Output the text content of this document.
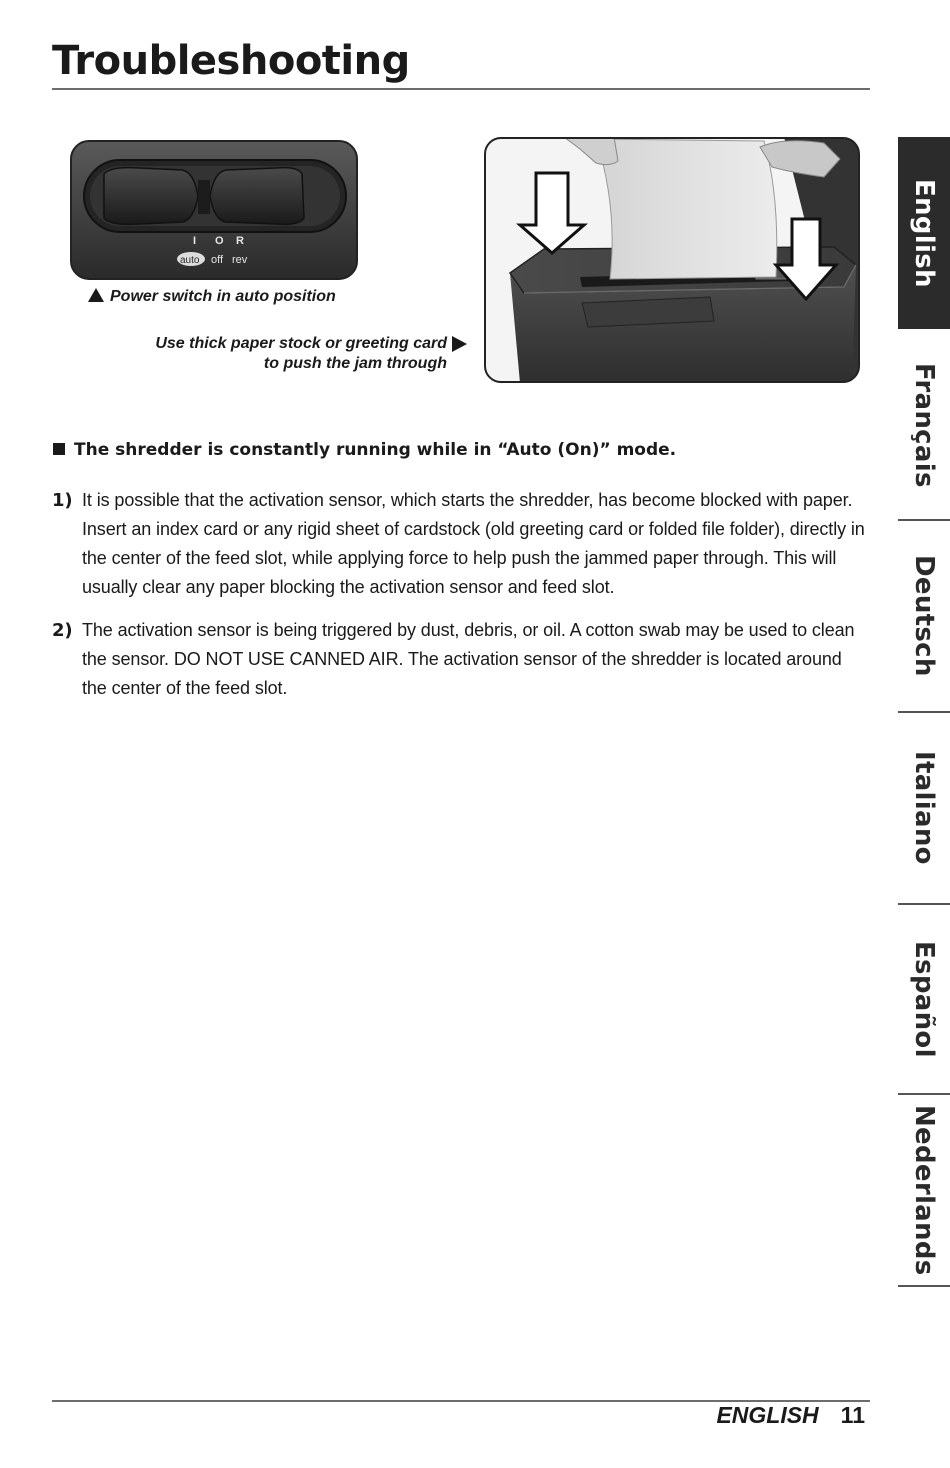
Troubleshooting
I O R
auto off rev

Power switch in auto position

Use thick paper stock or greeting card
to push the jam through

The shredder is constantly running while in “Auto (On)” mode.
1) It is possible that the activation sensor, which starts the shredder, has become blocked with paper. Insert an index card or any rigid sheet of cardstock (old greeting card or folded file folder), directly in the center of the feed slot, while applying force to help push the jammed paper through. This will usually clear any paper blocking the activation sensor and feed slot.
2) The activation sensor is being triggered by dust, debris, or oil. A cotton swab may be used to clean the sensor. DO NOT USE CANNED AIR. The activation sensor of the shredder is located around the center of the feed slot.
English
Français
Deutsch
Italiano
Español
Nederlands

ENGLISH 11
